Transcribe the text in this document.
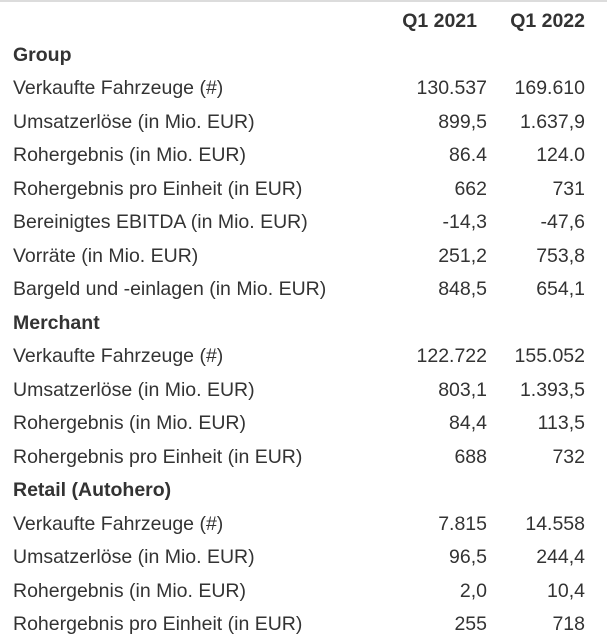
	Q1 2021	Q1 2022
Group		
Verkaufte Fahrzeuge (#)	130.537	169.610
Umsatzerlöse (in Mio. EUR)	899,5	1.637,9
Rohergebnis (in Mio. EUR)	86.4	124.0
Rohergebnis pro Einheit (in EUR)	662	731
Bereinigtes EBITDA (in Mio. EUR)	-14,3	-47,6
Vorräte (in Mio. EUR)	251,2	753,8
Bargeld und -einlagen (in Mio. EUR)	848,5	654,1
Merchant		
Verkaufte Fahrzeuge (#)	122.722	155.052
Umsatzerlöse (in Mio. EUR)	803,1	1.393,5
Rohergebnis (in Mio. EUR)	84,4	113,5
Rohergebnis pro Einheit (in EUR)	688	732
Retail (Autohero)		
Verkaufte Fahrzeuge (#)	7.815	14.558
Umsatzerlöse (in Mio. EUR)	96,5	244,4
Rohergebnis (in Mio. EUR)	2,0	10,4
Rohergebnis pro Einheit (in EUR)	255	718
